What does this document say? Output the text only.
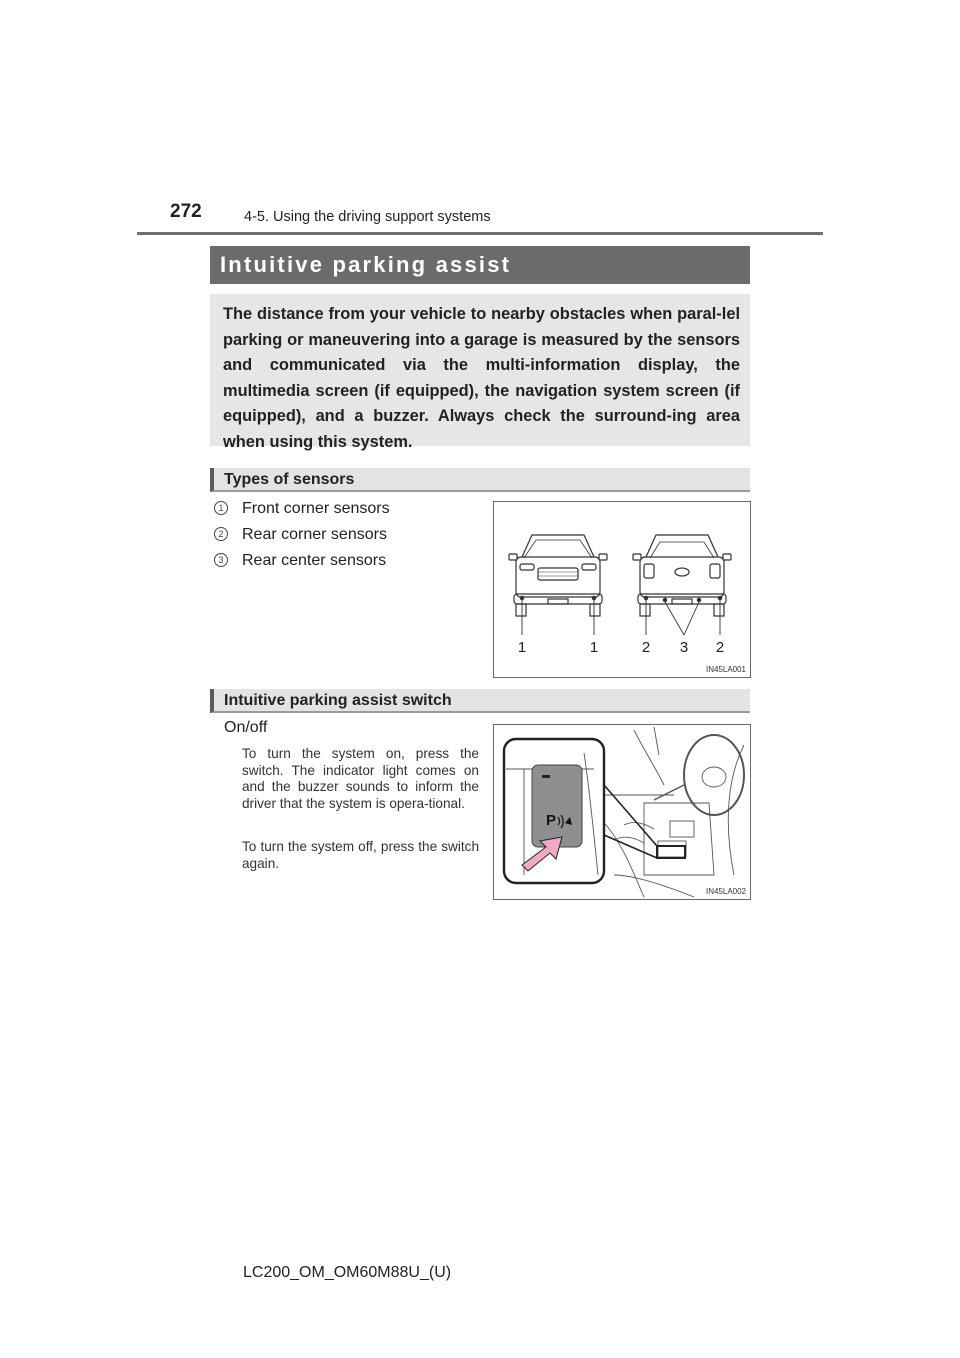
272	4-5. Using the driving support systems
Intuitive parking assist
The distance from your vehicle to nearby obstacles when paral-lel parking or maneuvering into a garage is measured by the sensors and communicated via the multi-information display, the multimedia screen (if equipped), the navigation system screen (if equipped), and a buzzer. Always check the surround-ing area when using this system.
Types of sensors
1 Front corner sensors
2 Rear corner sensors
3 Rear center sensors
1	1	2 3 2
IN45LA001
Intuitive parking assist switch
On/off
To turn the system on, press the switch. The indicator light comes on and the buzzer sounds to inform the driver that the system is opera-tional.
To turn the system off, press the switch again.
P
IN45LA002
LC200_OM_OM60M88U_(U)
